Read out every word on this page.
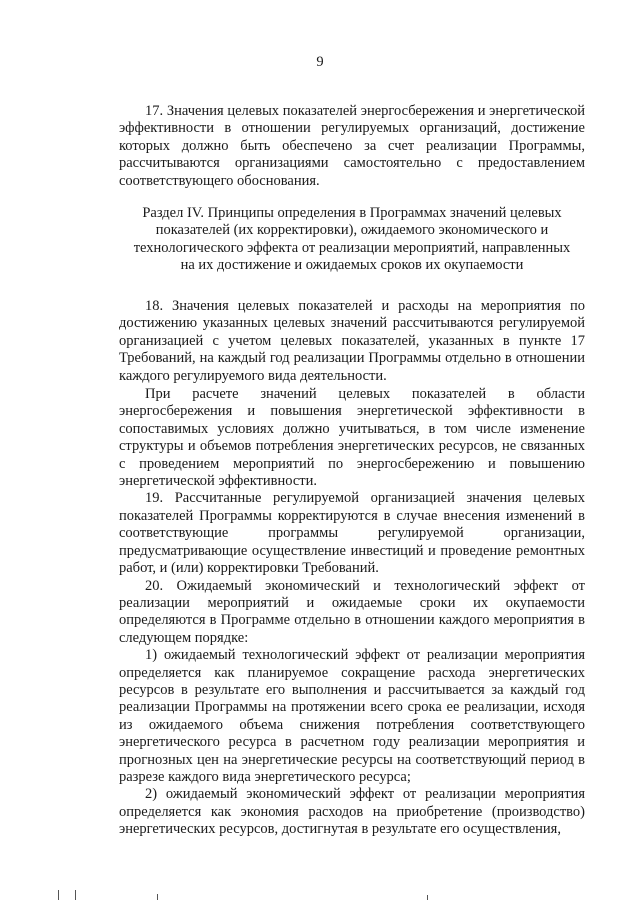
9

17. Значения целевых показателей энергосбережения и энергетической эффективности в отношении регулируемых организаций, достижение которых должно быть обеспечено за счет реализации Программы, рассчитываются организациями самостоятельно с предоставлением соответствующего обоснования.

Раздел IV. Принципы определения в Программах значений целевых
показателей (их корректировки), ожидаемого экономического и
технологического эффекта от реализации мероприятий, направленных
на их достижение и ожидаемых сроков их окупаемости

18. Значения целевых показателей и расходы на мероприятия по достижению указанных целевых значений рассчитываются регулируемой организацией с учетом целевых показателей, указанных в пункте 17 Требований, на каждый год реализации Программы отдельно в отношении каждого регулируемого вида деятельности.

При расчете значений целевых показателей в области энергосбережения и повышения энергетической эффективности в сопоставимых условиях должно учитываться, в том числе изменение структуры и объемов потребления энергетических ресурсов, не связанных с проведением мероприятий по энергосбережению и повышению энергетической эффективности.

19. Рассчитанные регулируемой организацией значения целевых показателей Программы корректируются в случае внесения изменений в соответствующие программы регулируемой организации, предусматривающие осуществление инвестиций и проведение ремонтных работ, и (или) корректировки Требований.

20. Ожидаемый экономический и технологический эффект от реализации мероприятий и ожидаемые сроки их окупаемости определяются в Программе отдельно в отношении каждого мероприятия в следующем порядке:

1) ожидаемый технологический эффект от реализации мероприятия определяется как планируемое сокращение расхода энергетических ресурсов в результате его выполнения и рассчитывается за каждый год реализации Программы на протяжении всего срока ее реализации, исходя из ожидаемого объема снижения потребления соответствующего энергетического ресурса в расчетном году реализации мероприятия и прогнозных цен на энергетические ресурсы на соответствующий период в разрезе каждого вида энергетического ресурса;

2) ожидаемый экономический эффект от реализации мероприятия определяется как экономия расходов на приобретение (производство) энергетических ресурсов, достигнутая в результате его осуществления,
